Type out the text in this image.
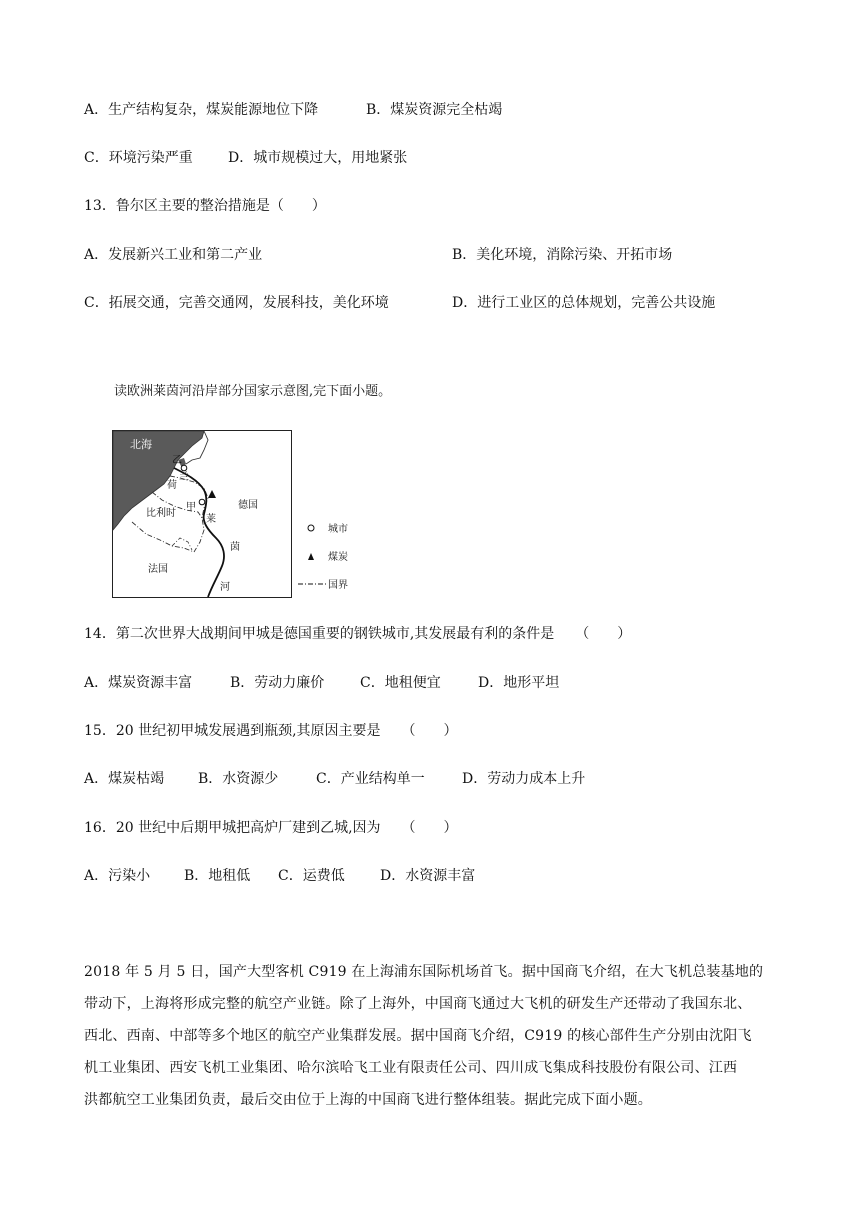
A．生产结构复杂，煤炭能源地位下降	B．煤炭资源完全枯竭
C．环境污染严重	D．城市规模过大，用地紧张
13．鲁尔区主要的整治措施是（　　）
A．发展新兴工业和第二产业	B．美化环境，消除污染、开拓市场
C．拓展交通，完善交通网，发展科技，美化环境	D．进行工业区的总体规划，完善公共设施
读欧洲莱茵河沿岸部分国家示意图,完下面小题。
北海
乙
荷
兰
甲
莱
德国
比利时
茵
法国
河
城市
煤炭
国界
14．第二次世界大战期间甲城是德国重要的钢铁城市,其发展最有利的条件是　　（　　）
A．煤炭资源丰富	B．劳动力廉价	C．地租便宜	D．地形平坦
15．20 世纪初甲城发展遇到瓶颈,其原因主要是　　（　　）
A．煤炭枯竭 B．水资源少	C．产业结构单一	D．劳动力成本上升
16．20 世纪中后期甲城把高炉厂建到乙城,因为　　（　　）
A．污染小 B．地租低 C．运费低	D．水资源丰富
2018 年 5 月 5 日，国产大型客机 C919 在上海浦东国际机场首飞。据中国商飞介绍，在大飞机总装基地的
带动下，上海将形成完整的航空产业链。除了上海外，中国商飞通过大飞机的研发生产还带动了我国东北、
西北、西南、中部等多个地区的航空产业集群发展。据中国商飞介绍，C919 的核心部件生产分别由沈阳飞
机工业集团、西安飞机工业集团、哈尔滨哈飞工业有限责任公司、四川成飞集成科技股份有限公司、江西
洪都航空工业集团负责，最后交由位于上海的中国商飞进行整体组装。据此完成下面小题。
